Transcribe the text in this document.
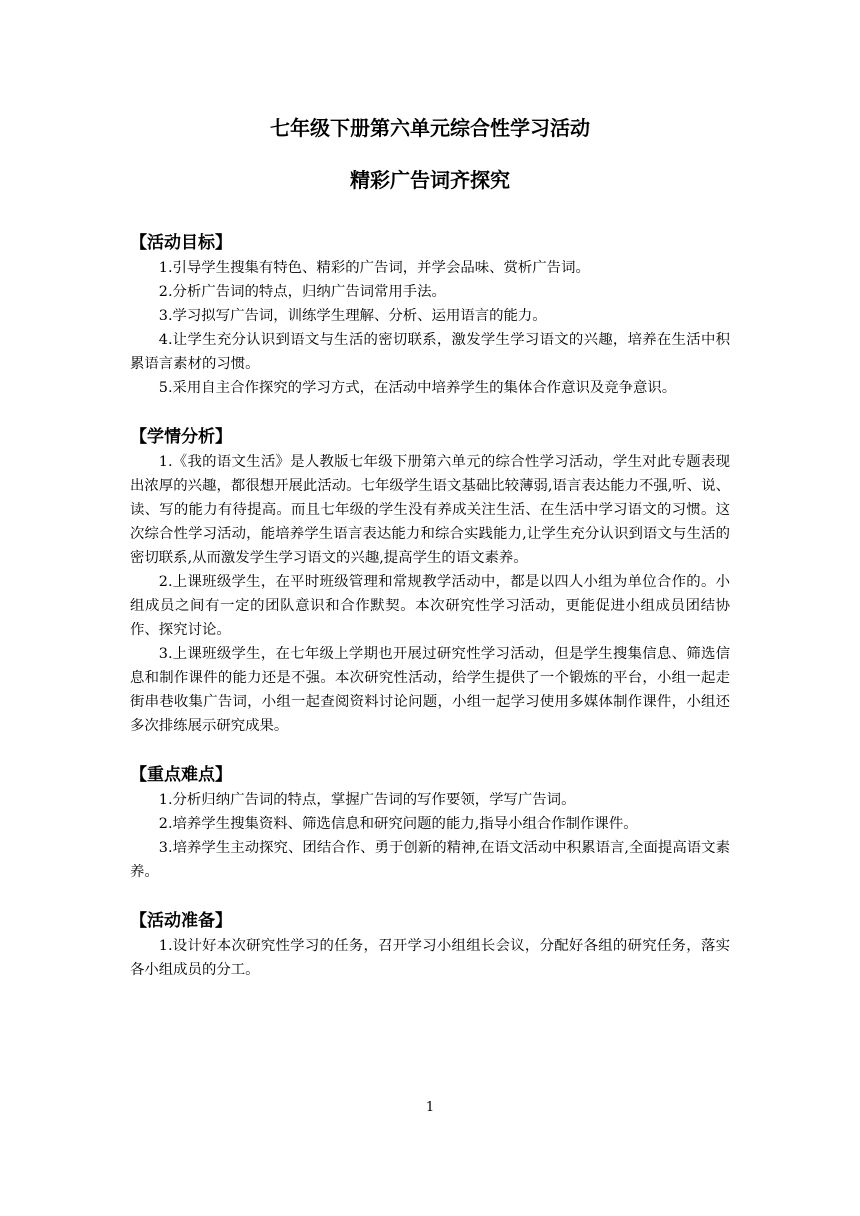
七年级下册第六单元综合性学习活动
精彩广告词齐探究
【活动目标】

1.引导学生搜集有特色、精彩的广告词，并学会品味、赏析广告词。

2.分析广告词的特点，归纳广告词常用手法。

3.学习拟写广告词，训练学生理解、分析、运用语言的能力。

4.让学生充分认识到语文与生活的密切联系，激发学生学习语文的兴趣，培养在生活中积累语言素材的习惯。

5.采用自主合作探究的学习方式，在活动中培养学生的集体合作意识及竞争意识。

【学情分析】

1.《我的语文生活》是人教版七年级下册第六单元的综合性学习活动，学生对此专题表现出浓厚的兴趣，都很想开展此活动。七年级学生语文基础比较薄弱,语言表达能力不强,听、说、读、写的能力有待提高。而且七年级的学生没有养成关注生活、在生活中学习语文的习惯。这次综合性学习活动，能培养学生语言表达能力和综合实践能力,让学生充分认识到语文与生活的密切联系,从而激发学生学习语文的兴趣,提高学生的语文素养。

2.上课班级学生，在平时班级管理和常规教学活动中，都是以四人小组为单位合作的。小组成员之间有一定的团队意识和合作默契。本次研究性学习活动，更能促进小组成员团结协作、探究讨论。

3.上课班级学生，在七年级上学期也开展过研究性学习活动，但是学生搜集信息、筛选信息和制作课件的能力还是不强。本次研究性活动，给学生提供了一个锻炼的平台，小组一起走街串巷收集广告词，小组一起查阅资料讨论问题，小组一起学习使用多媒体制作课件，小组还多次排练展示研究成果。

【重点难点】

1.分析归纳广告词的特点，掌握广告词的写作要领，学写广告词。

2.培养学生搜集资料、筛选信息和研究问题的能力,指导小组合作制作课件。

3.培养学生主动探究、团结合作、勇于创新的精神,在语文活动中积累语言,全面提高语文素养。

【活动准备】

1.设计好本次研究性学习的任务，召开学习小组组长会议，分配好各组的研究任务，落实各小组成员的分工。

1
